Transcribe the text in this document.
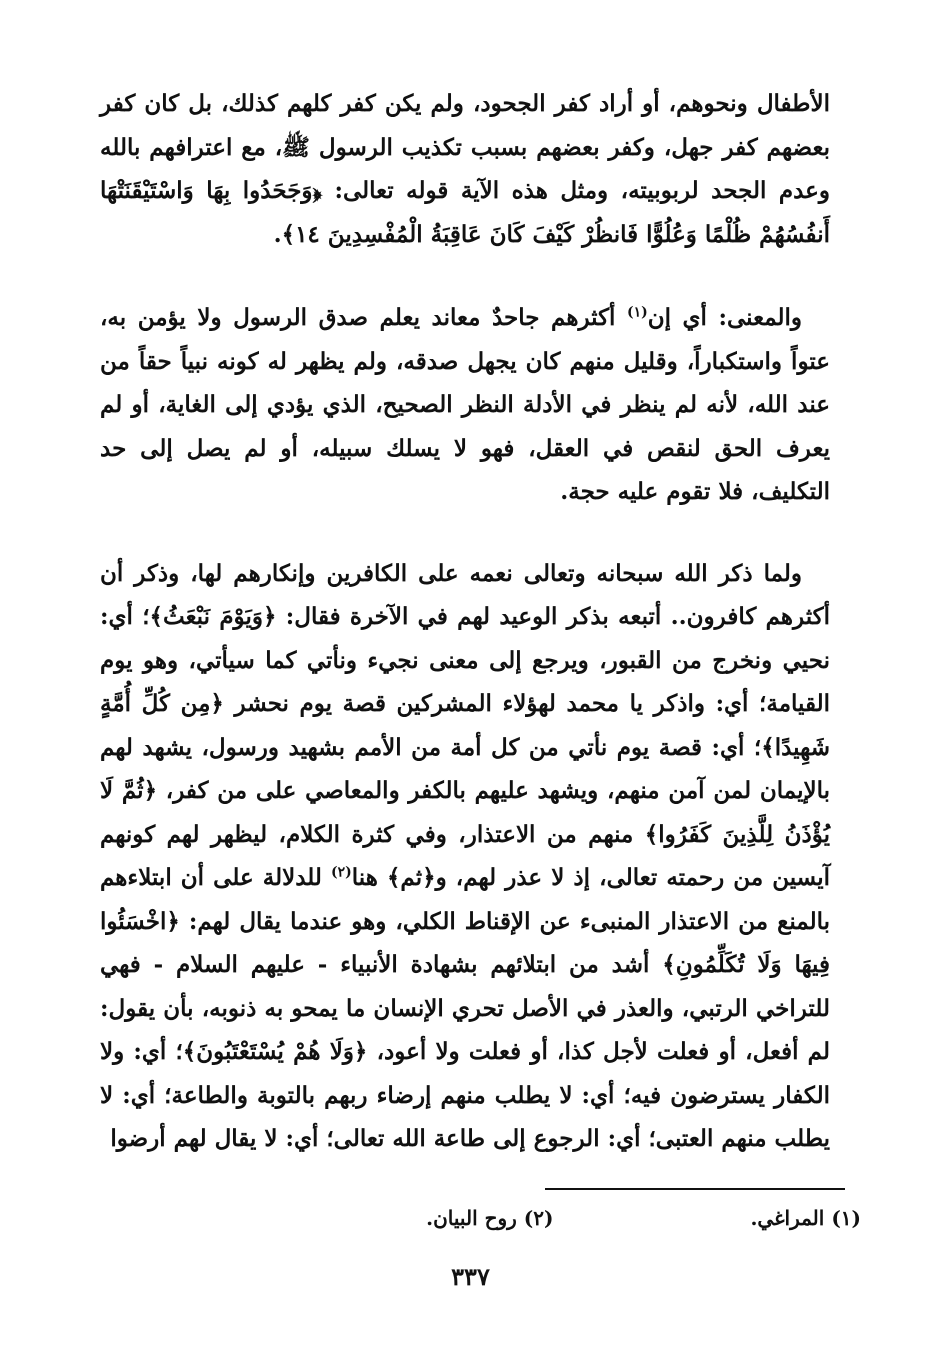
الأطفال ونحوهم، أو أراد كفر الجحود، ولم يكن كفر كلهم كذلك، بل كان كفر بعضهم كفر جهل، وكفر بعضهم بسبب تكذيب الرسول ﷺ، مع اعترافهم بالله وعدم الجحد لربوبيته، ومثل هذه الآية قوله تعالى: ﴿وَجَحَدُوا بِهَا وَاسْتَيْقَنَتْهَا أَنفُسُهُمْ ظُلْمًا وَعُلُوًّا فَانظُرْ كَيْفَ كَانَ عَاقِبَةُ الْمُفْسِدِينَ ١٤﴾.

والمعنى: أي إن$^{(١)}$ أكثرهم جاحدٌ معاند يعلم صدق الرسول ولا يؤمن به، عتواً واستكباراً، وقليل منهم كان يجهل صدقه، ولم يظهر له كونه نبياً حقاً من عند الله، لأنه لم ينظر في الأدلة النظر الصحيح، الذي يؤدي إلى الغاية، أو لم يعرف الحق لنقص في العقل، فهو لا يسلك سبيله، أو لم يصل إلى حد التكليف، فلا تقوم عليه حجة.

ولما ذكر الله سبحانه وتعالى نعمه على الكافرين وإنكارهم لها، وذكر أن أكثرهم كافرون.. أتبعه بذكر الوعيد لهم في الآخرة فقال: ﴿وَيَوْمَ نَبْعَثُ﴾؛ أي: نحيي ونخرج من القبور، ويرجع إلى معنى نجيء ونأتي كما سيأتي، وهو يوم القيامة؛ أي: واذكر يا محمد لهؤلاء المشركين قصة يوم نحشر ﴿مِن كُلِّ أُمَّةٍ شَهِيدًا﴾؛ أي: قصة يوم نأتي من كل أمة من الأمم بشهيد ورسول، يشهد لهم بالإيمان لمن آمن منهم، ويشهد عليهم بالكفر والمعاصي على من كفر، ﴿ثُمَّ لَا يُؤْذَنُ لِلَّذِينَ كَفَرُوا﴾ منهم من الاعتذار، وفي كثرة الكلام، ليظهر لهم كونهم آيسين من رحمته تعالى، إذ لا عذر لهم، و﴿ثم﴾ هنا$^{(٢)}$ للدلالة على أن ابتلاءهم بالمنع من الاعتذار المنبىء عن الإقناط الكلي، وهو عندما يقال لهم: ﴿اخْسَئُوا فِيهَا وَلَا تُكَلِّمُونِ﴾ أشد من ابتلائهم بشهادة الأنبياء - عليهم السلام - فهي للتراخي الرتبي، والعذر في الأصل تحري الإنسان ما يمحو به ذنوبه، بأن يقول: لم أفعل، أو فعلت لأجل كذا، أو فعلت ولا أعود، ﴿وَلَا هُمْ يُسْتَعْتَبُونَ﴾؛ أي: ولا الكفار يسترضون فيه؛ أي: لا يطلب منهم إرضاء ربهم بالتوبة والطاعة؛ أي: لا يطلب منهم العتبى؛ أي: الرجوع إلى طاعة الله تعالى؛ أي: لا يقال لهم أرضوا

(١) المراغي. (٢) روح البيان.
٣٣٧
